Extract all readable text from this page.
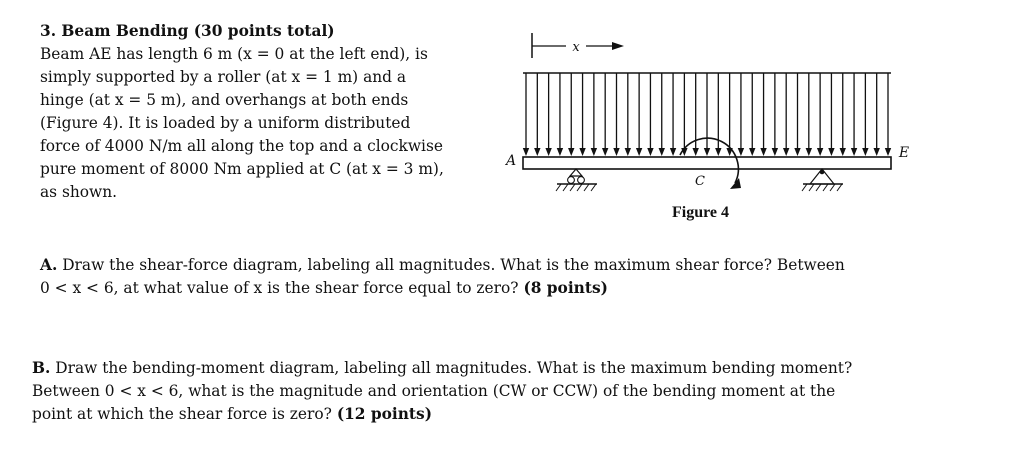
3. Beam Bending (30 points total)
Beam AE has length 6 m (x = 0 at the left end), is
simply supported by a roller (at x = 1 m) and a
hinge (at x = 5 m), and overhangs at both ends
(Figure 4). It is loaded by a uniform distributed
force of 4000 N/m all along the top and a clockwise
pure moment of 8000 Nm applied at C (at x = 3 m),
as shown.
x
A	E
C
Figure 4
A. Draw the shear-force diagram, labeling all magnitudes. What is the maximum shear force? Between
0 < x < 6, at what value of x is the shear force equal to zero? (8 points)
B. Draw the bending-moment diagram, labeling all magnitudes. What is the maximum bending moment?
Between 0 < x < 6, what is the magnitude and orientation (CW or CCW) of the bending moment at the
point at which the shear force is zero? (12 points)
